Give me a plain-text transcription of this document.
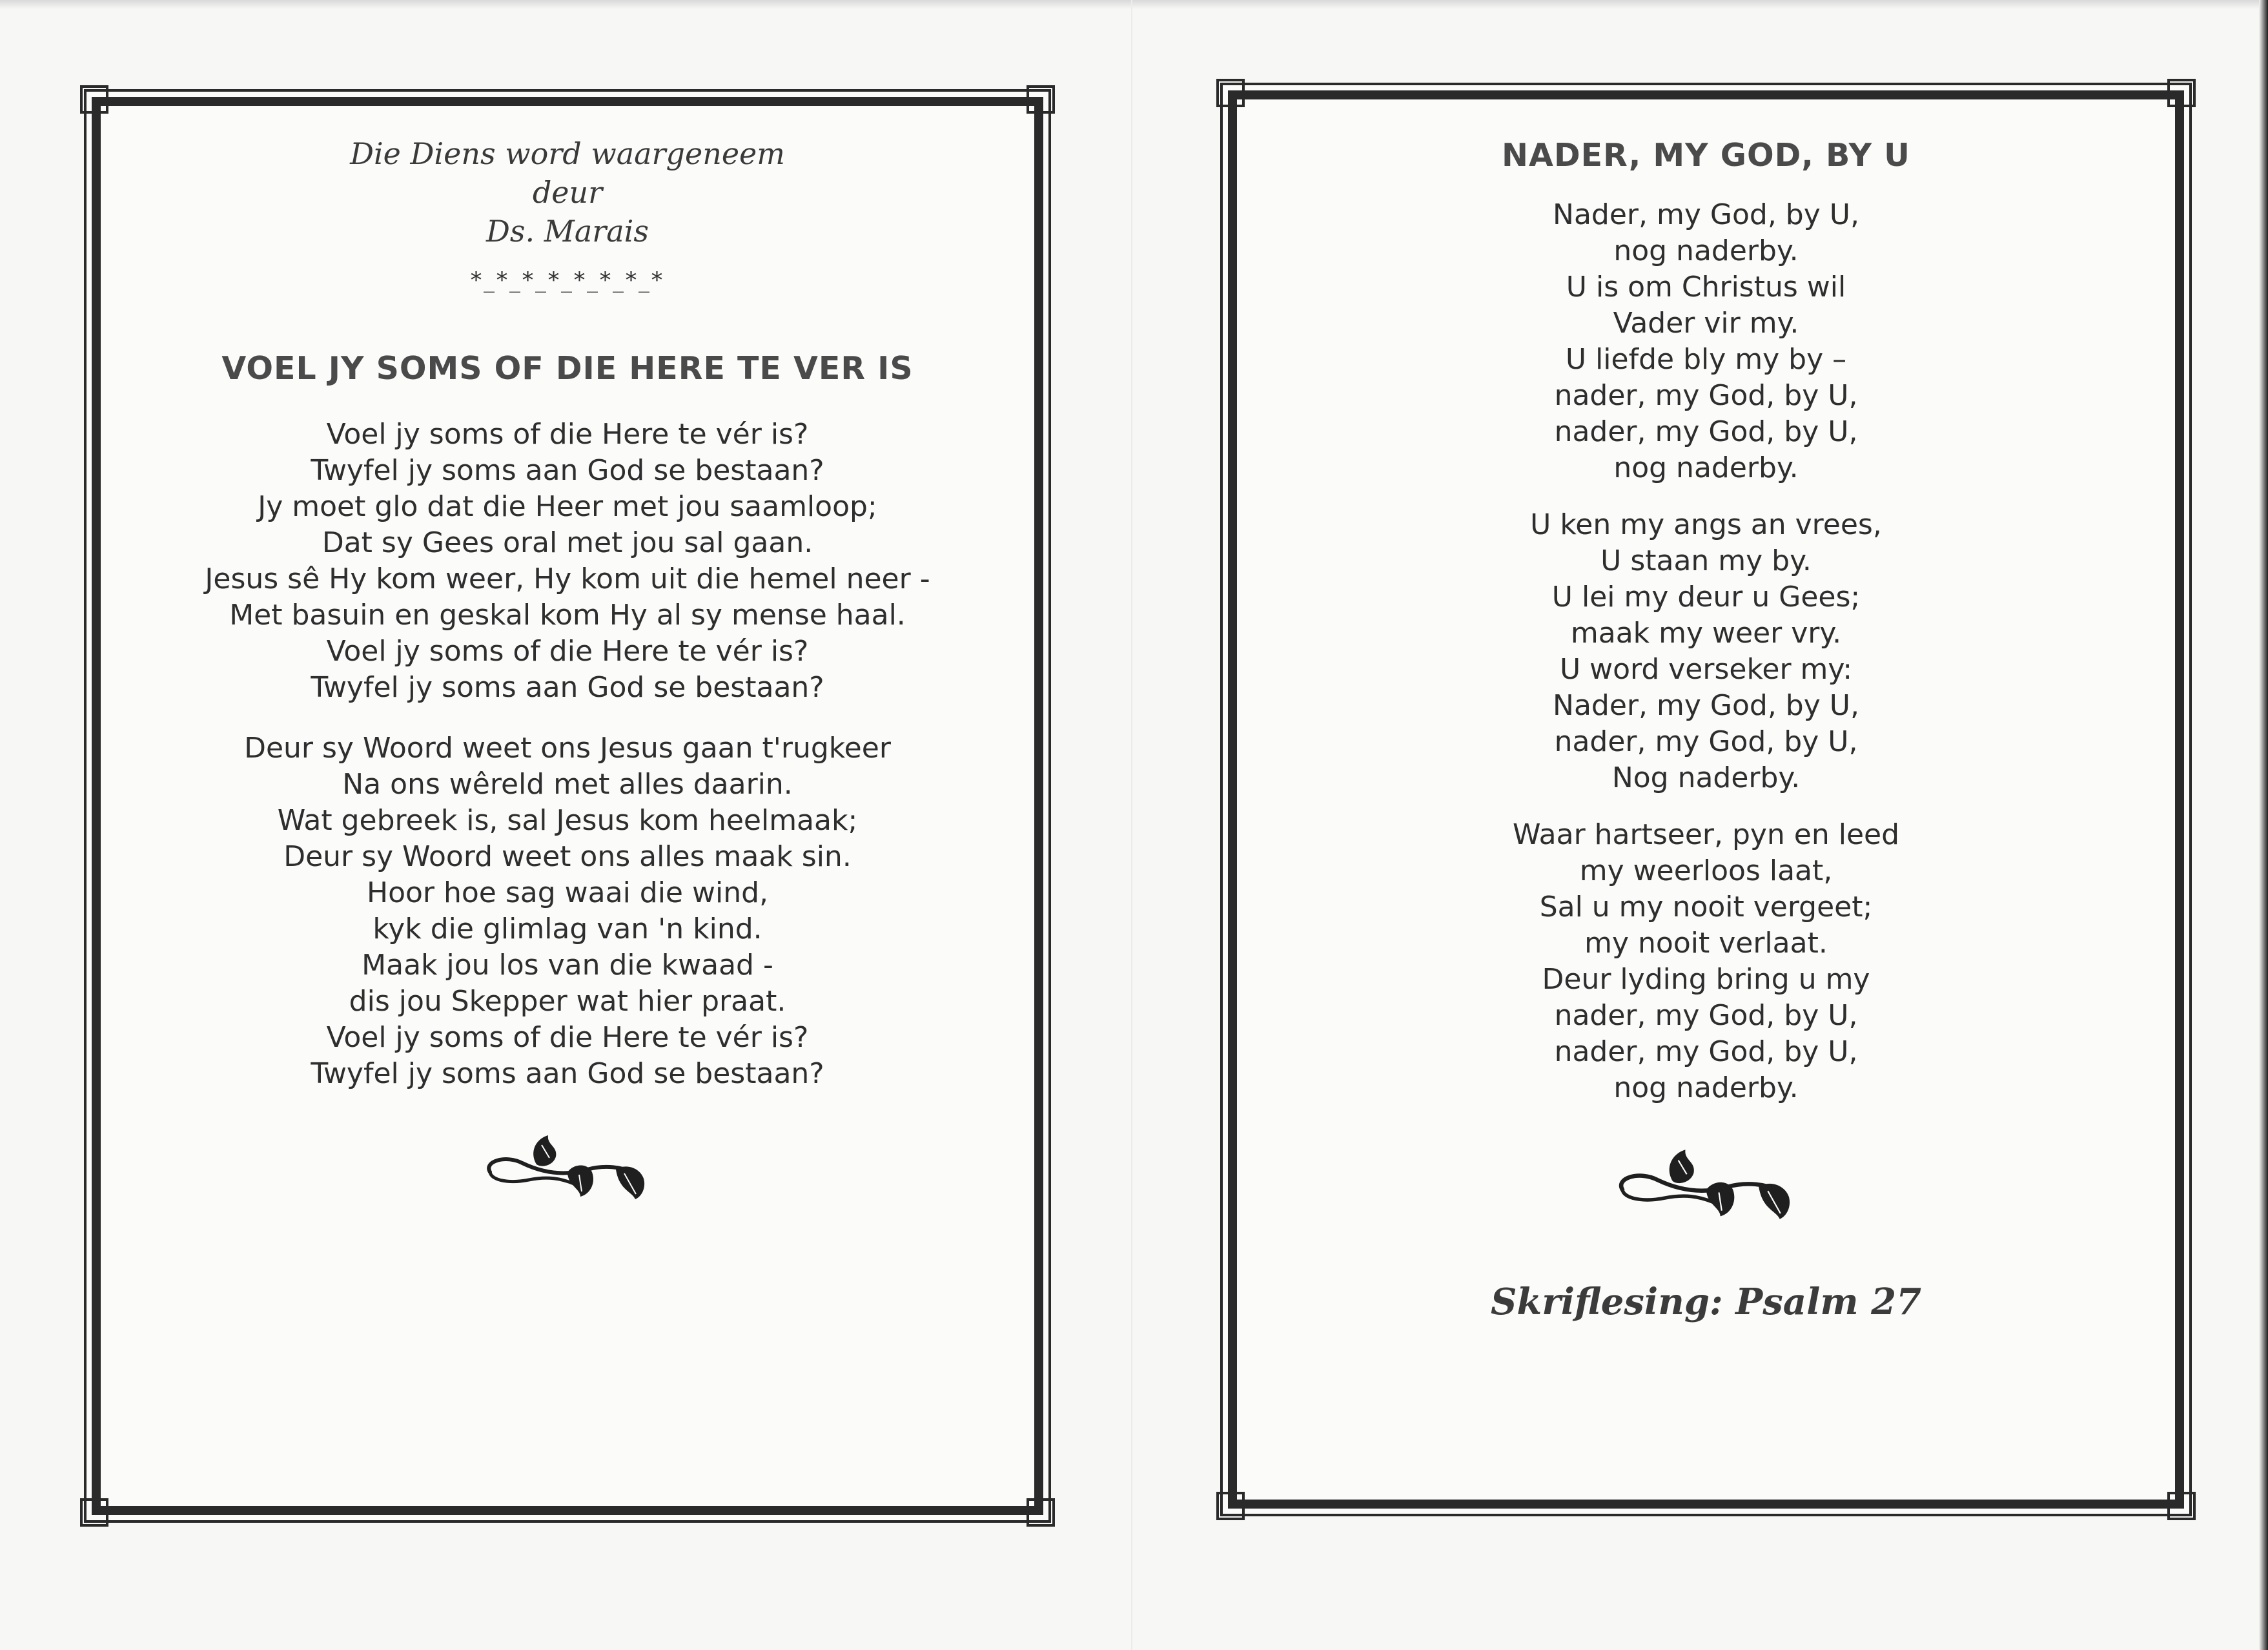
Die Diens word waargeneem
deur
Ds. Marais
*_*_*_*_*_*_*_*
VOEL JY SOMS OF DIE HERE TE VER IS

Voel jy soms of die Here te vér is?
Twyfel jy soms aan God se bestaan?
Jy moet glo dat die Heer met jou saamloop;
Dat sy Gees oral met jou sal gaan.
Jesus sê Hy kom weer, Hy kom uit die hemel neer -
Met basuin en geskal kom Hy al sy mense haal.
Voel jy soms of die Here te vér is?
Twyfel jy soms aan God se bestaan?

Deur sy Woord weet ons Jesus gaan t'rugkeer
Na ons wêreld met alles daarin.
Wat gebreek is, sal Jesus kom heelmaak;
Deur sy Woord weet ons alles maak sin.
Hoor hoe sag waai die wind,
kyk die glimlag van 'n kind.
Maak jou los van die kwaad -
dis jou Skepper wat hier praat.
Voel jy soms of die Here te vér is?
Twyfel jy soms aan God se bestaan?

NADER, MY GOD, BY U

Nader, my God, by U,
nog naderby.
U is om Christus wil
Vader vir my.
U liefde bly my by –
nader, my God, by U,
nader, my God, by U,
nog naderby.

U ken my angs an vrees,
U staan my by.
U lei my deur u Gees;
maak my weer vry.
U word verseker my:
Nader, my God, by U,
nader, my God, by U,
Nog naderby.

Waar hartseer, pyn en leed
my weerloos laat,
Sal u my nooit vergeet;
my nooit verlaat.
Deur lyding bring u my
nader, my God, by U,
nader, my God, by U,
nog naderby.

Skriflesing: Psalm 27
